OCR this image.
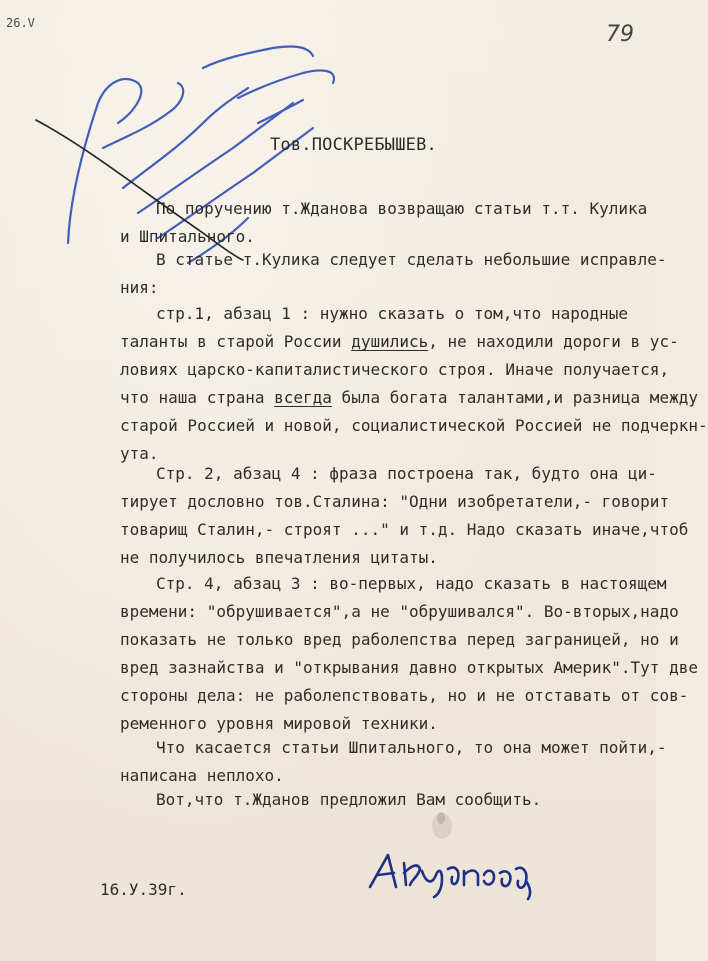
26.V	79
Тов.ПОСКРЕБЫШЕВ.
По поручению т.Жданова возвращаю статьи т.т. Кулика
и Шпитального.
В статье т.Кулика следует сделать небольшие исправле-
ния:
стр.1, абзац 1 : нужно сказать о том,что народные
таланты в старой России душились, не находили дороги в ус-
ловиях царско-капиталистического строя. Иначе получается,
что наша страна всегда была богата талантами,и разница между
старой Россией и новой, социалистической Россией не подчеркн-
ута.
Стр. 2, абзац 4 : фраза построена так, будто она ци-
тирует дословно тов.Сталина: "Одни изобретатели,- говорит
товарищ Сталин,- строят ..." и т.д. Надо сказать иначе,чтоб
не получилось впечатления цитаты.
Стр. 4, абзац 3 : во-первых, надо сказать в настоящем
времени: "обрушивается",а не "обрушивался". Во-вторых,надо
показать не только вред раболепства перед заграницей, но и
вред зазнайства и "открывания давно открытых Америк".Тут две
стороны дела: не раболепствовать, но и не отставать от сов-
ременного уровня мировой техники.
Что касается статьи Шпитального, то она может пойти,-
написана неплохо.
Вот,что т.Жданов предложил Вам сообщить.
16.У.39г.
